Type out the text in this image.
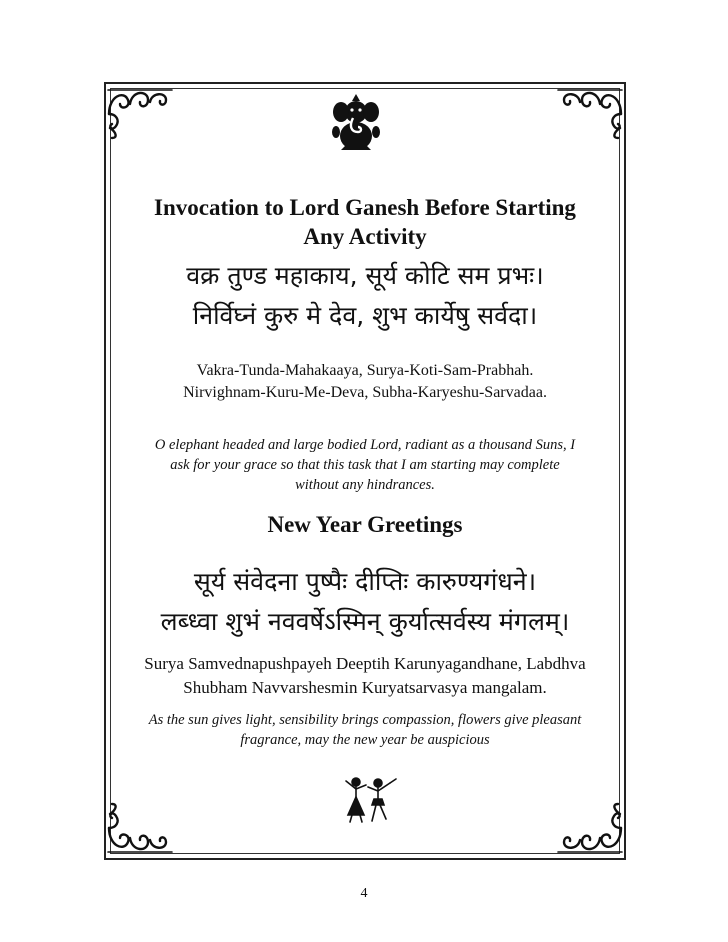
Invocation to Lord Ganesh Before Starting
Any Activity
वक्र तुण्ड महाकाय, सूर्य कोटि सम प्रभः।
निर्विघ्नं कुरु मे देव, शुभ कार्येषु सर्वदा।
Vakra-Tunda-Mahakaaya, Surya-Koti-Sam-Prabhah.
Nirvighnam-Kuru-Me-Deva, Subha-Karyeshu-Sarvadaa.
O elephant headed and large bodied Lord, radiant as a thousand Suns, I
ask for your grace so that this task that I am starting may complete
without any hindrances.
New Year Greetings
सूर्य संवेदना पुष्पैः दीप्तिः कारुण्यगंधने।
लब्ध्वा शुभं नववर्षेऽस्मिन् कुर्यात्सर्वस्य मंगलम्।
Surya Samvednapushpayeh Deeptih Karunyagandhane, Labdhva
Shubham Navvarshesmin Kuryatsarvasya mangalam.
As the sun gives light, sensibility brings compassion, flowers give pleasant
fragrance, may the new year be auspicious
4
